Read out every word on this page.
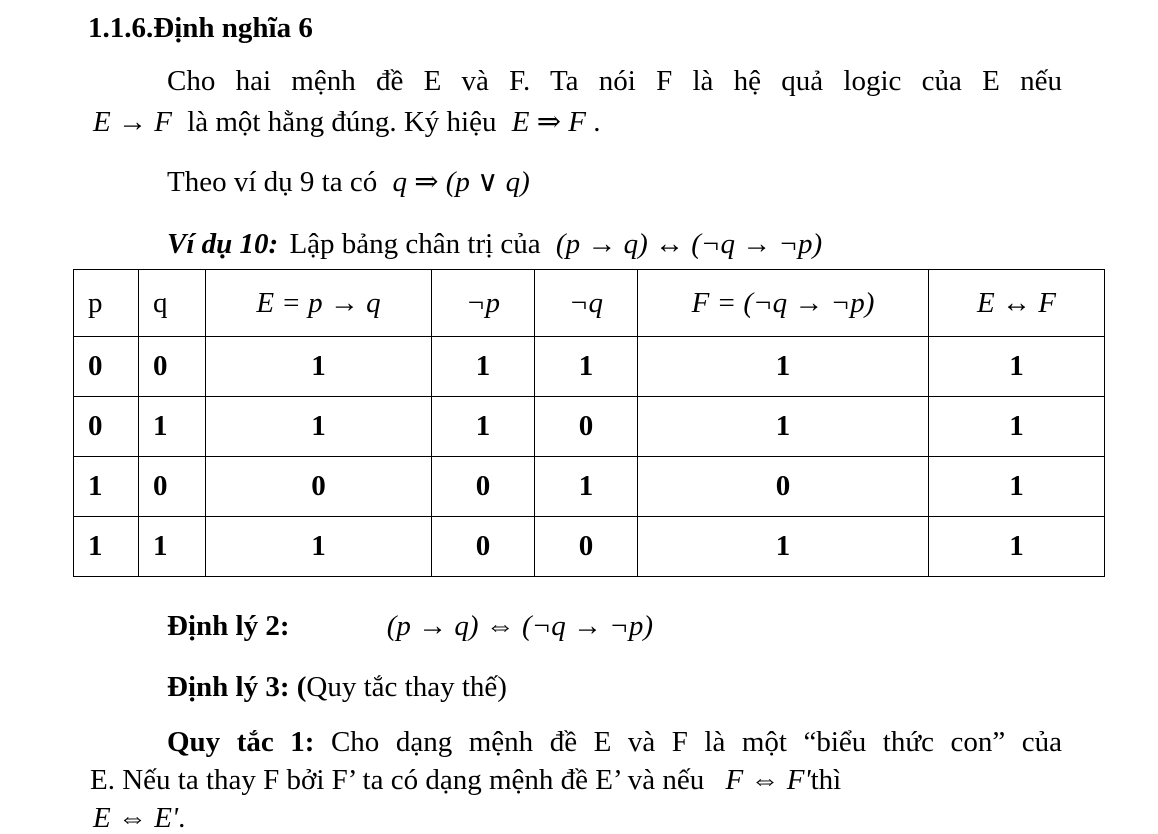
1.1.6.Định nghĩa 6
Cho hai mệnh đề E và F. Ta nói F là hệ quả logic của E nếu
E → F là một hằng đúng. Ký hiệu E ⇒ F .
Theo ví dụ 9 ta có q ⇒ (p ∨ q)
Ví dụ 10: Lập bảng chân trị của (p → q) ↔ (¬q → ¬p)
p	q	E = p → q	¬p	¬q	F = (¬q → ¬p)	E ↔ F
0	0	1	1	1	1	1
0	1	1	1	0	1	1
1	0	0	0	1	0	1
1	1	1	0	0	1	1
Định lý 2:	(p → q) ⇔ (¬q → ¬p)
Định lý 3: (Quy tắc thay thế)
Quy tắc 1: Cho dạng mệnh đề E và F là một “biểu thức con” của
E. Nếu ta thay F bởi F’ ta có dạng mệnh đề E’ và nếu F ⇔ F'thì
E ⇔ E'.
